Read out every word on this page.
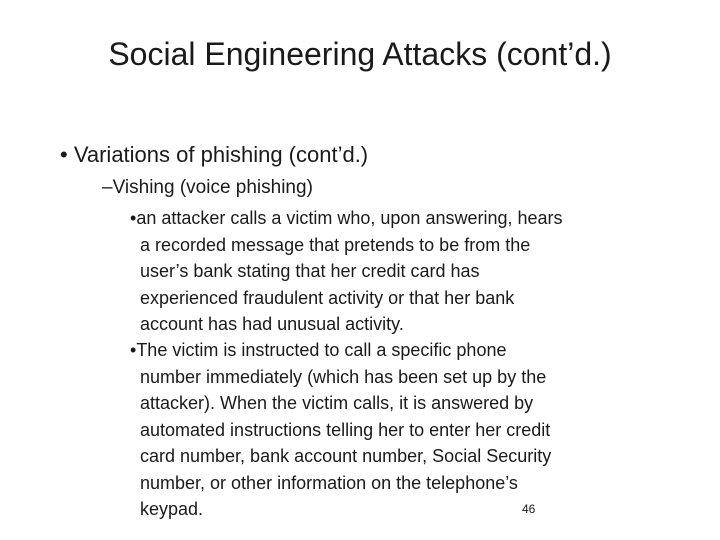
Social Engineering Attacks (cont’d.)
• Variations of phishing (cont’d.)
–Vishing (voice phishing)
•an attacker calls a victim who, upon answering, hears
a recorded message that pretends to be from the
user’s bank stating that her credit card has
experienced fraudulent activity or that her bank
account has had unusual activity.
•The victim is instructed to call a specific phone
number immediately (which has been set up by the
attacker). When the victim calls, it is answered by
automated instructions telling her to enter her credit
card number, bank account number, Social Security
number, or other information on the telephone’s
keypad.	46
